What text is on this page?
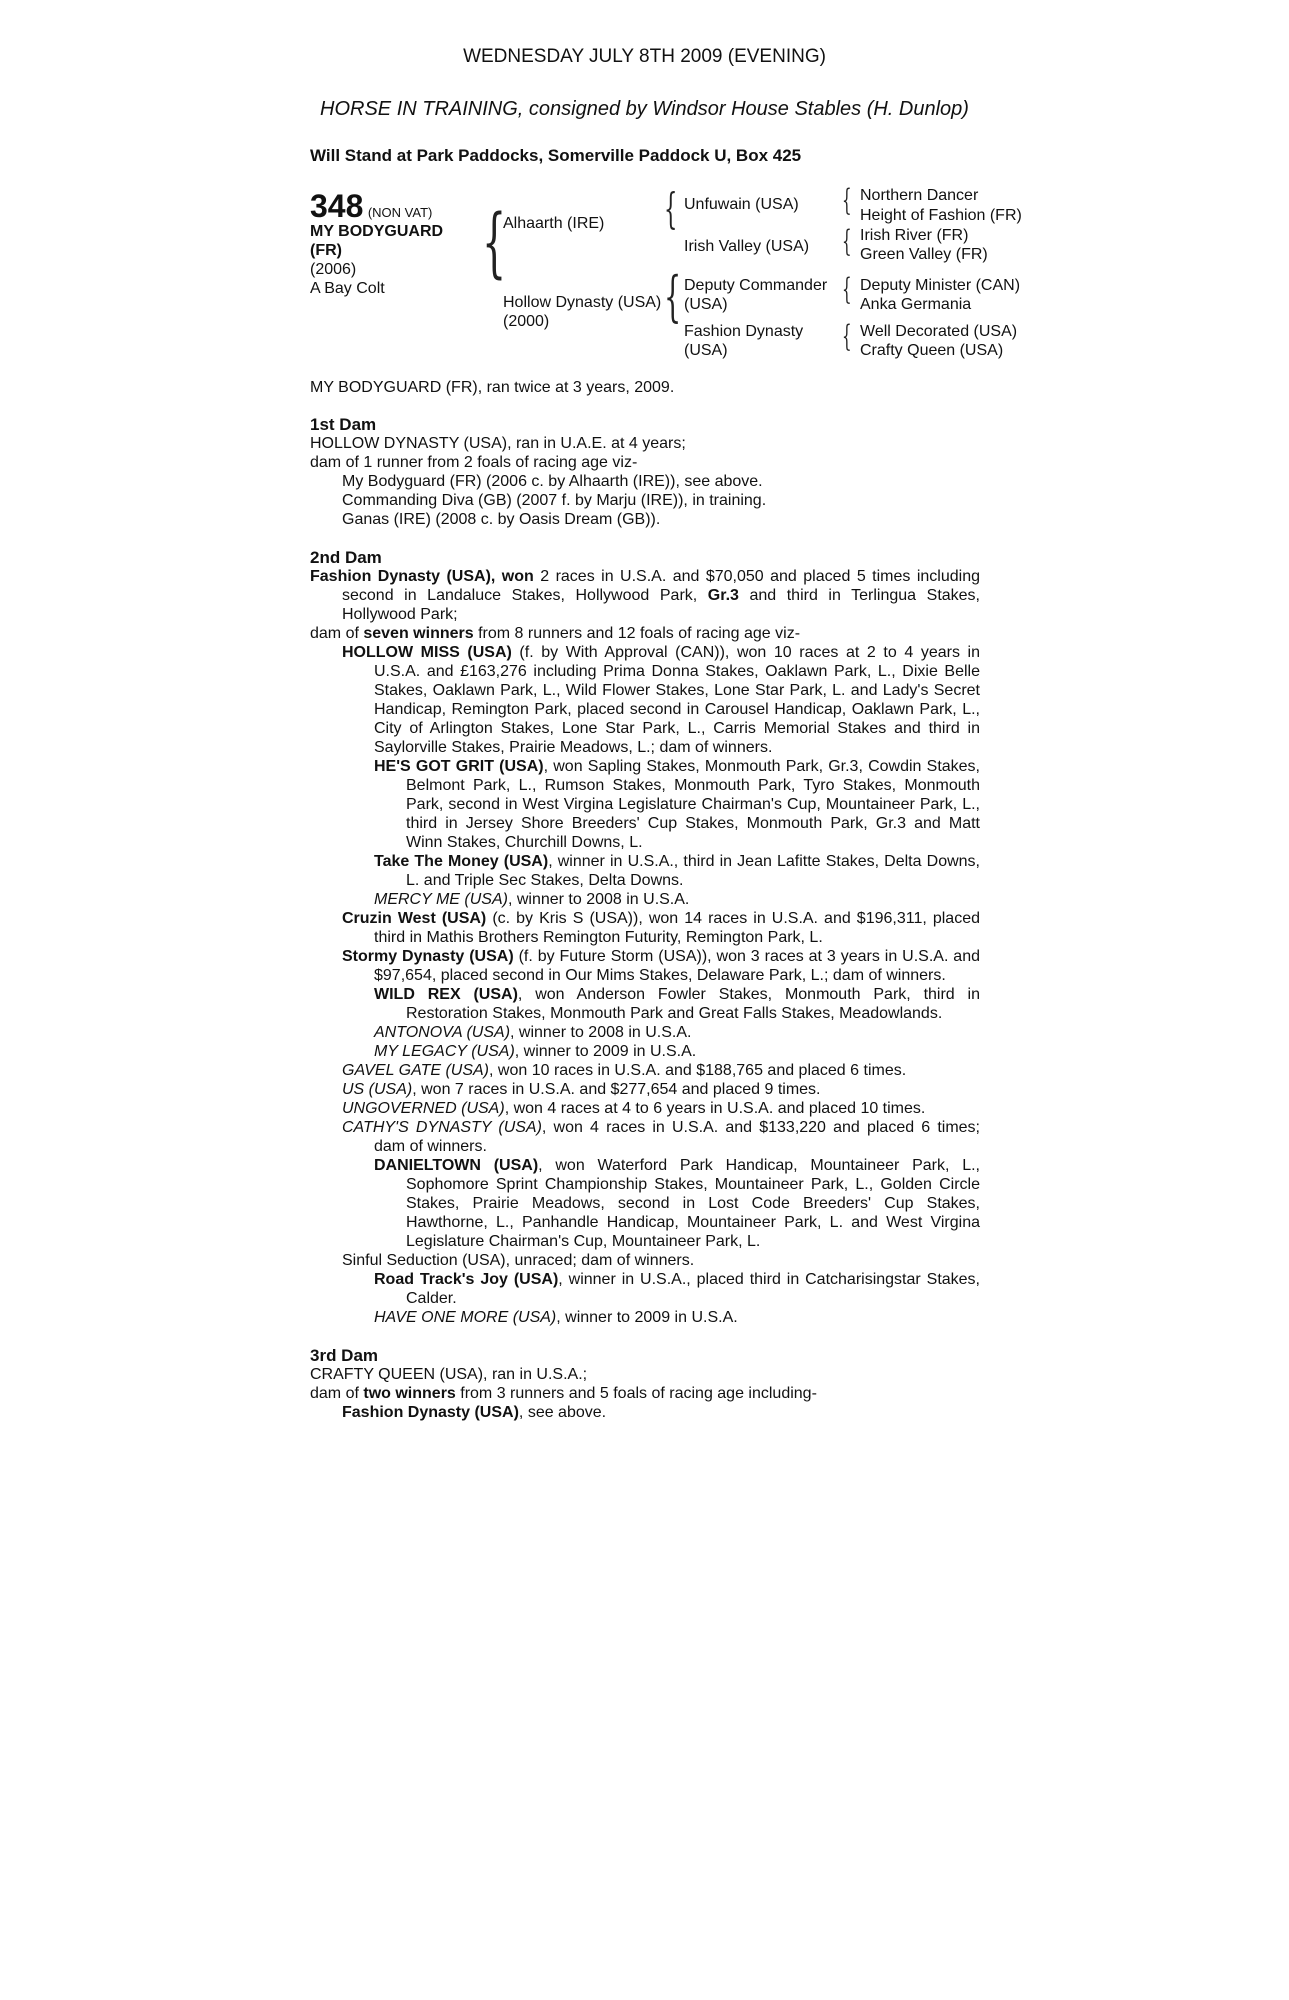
WEDNESDAY JULY 8TH 2009 (EVENING)
HORSE IN TRAINING, consigned by Windsor House Stables (H. Dunlop)
Will Stand at Park Paddocks, Somerville Paddock U, Box 425
348 (NON VAT)
MY BODYGUARD
(FR)
(2006)
A Bay Colt
{
Alhaarth (IRE)
Hollow Dynasty (USA)
(2000)
{ Unfuwain (USA)
Irish Valley (USA)
{ Deputy Commander
(USA)
Fashion Dynasty
(USA)
{ Northern Dancer
Height of Fashion (FR)
{ Irish River (FR)
Green Valley (FR)
{ Deputy Minister (CAN)
Anka Germania
{ Well Decorated (USA)
Crafty Queen (USA)

MY BODYGUARD (FR), ran twice at 3 years, 2009.

1st Dam

HOLLOW DYNASTY (USA), ran in U.A.E. at 4 years;

dam of 1 runner from 2 foals of racing age viz-

My Bodyguard (FR) (2006 c. by Alhaarth (IRE)), see above.

Commanding Diva (GB) (2007 f. by Marju (IRE)), in training.

Ganas (IRE) (2008 c. by Oasis Dream (GB)).

2nd Dam

Fashion Dynasty (USA), won 2 races in U.S.A. and $70,050 and placed 5 times including second in Landaluce Stakes, Hollywood Park, Gr.3 and third in Terlingua Stakes, Hollywood Park;

dam of seven winners from 8 runners and 12 foals of racing age viz-

HOLLOW MISS (USA) (f. by With Approval (CAN)), won 10 races at 2 to 4 years in U.S.A. and £163,276 including Prima Donna Stakes, Oaklawn Park, L., Dixie Belle Stakes, Oaklawn Park, L., Wild Flower Stakes, Lone Star Park, L. and Lady's Secret Handicap, Remington Park, placed second in Carousel Handicap, Oaklawn Park, L., City of Arlington Stakes, Lone Star Park, L., Carris Memorial Stakes and third in Saylorville Stakes, Prairie Meadows, L.; dam of winners.

HE'S GOT GRIT (USA), won Sapling Stakes, Monmouth Park, Gr.3, Cowdin Stakes, Belmont Park, L., Rumson Stakes, Monmouth Park, Tyro Stakes, Monmouth Park, second in West Virgina Legislature Chairman's Cup, Mountaineer Park, L., third in Jersey Shore Breeders' Cup Stakes, Monmouth Park, Gr.3 and Matt Winn Stakes, Churchill Downs, L.

Take The Money (USA), winner in U.S.A., third in Jean Lafitte Stakes, Delta Downs, L. and Triple Sec Stakes, Delta Downs.

MERCY ME (USA), winner to 2008 in U.S.A.

Cruzin West (USA) (c. by Kris S (USA)), won 14 races in U.S.A. and $196,311, placed third in Mathis Brothers Remington Futurity, Remington Park, L.

Stormy Dynasty (USA) (f. by Future Storm (USA)), won 3 races at 3 years in U.S.A. and $97,654, placed second in Our Mims Stakes, Delaware Park, L.; dam of winners.

WILD REX (USA), won Anderson Fowler Stakes, Monmouth Park, third in Restoration Stakes, Monmouth Park and Great Falls Stakes, Meadowlands.

ANTONOVA (USA), winner to 2008 in U.S.A.

MY LEGACY (USA), winner to 2009 in U.S.A.

GAVEL GATE (USA), won 10 races in U.S.A. and $188,765 and placed 6 times.

US (USA), won 7 races in U.S.A. and $277,654 and placed 9 times.

UNGOVERNED (USA), won 4 races at 4 to 6 years in U.S.A. and placed 10 times.

CATHY'S DYNASTY (USA), won 4 races in U.S.A. and $133,220 and placed 6 times; dam of winners.

DANIELTOWN (USA), won Waterford Park Handicap, Mountaineer Park, L., Sophomore Sprint Championship Stakes, Mountaineer Park, L., Golden Circle Stakes, Prairie Meadows, second in Lost Code Breeders' Cup Stakes, Hawthorne, L., Panhandle Handicap, Mountaineer Park, L. and West Virgina Legislature Chairman's Cup, Mountaineer Park, L.

Sinful Seduction (USA), unraced; dam of winners.

Road Track's Joy (USA), winner in U.S.A., placed third in Catcharisingstar Stakes, Calder.

HAVE ONE MORE (USA), winner to 2009 in U.S.A.

3rd Dam

CRAFTY QUEEN (USA), ran in U.S.A.;

dam of two winners from 3 runners and 5 foals of racing age including-

Fashion Dynasty (USA), see above.
